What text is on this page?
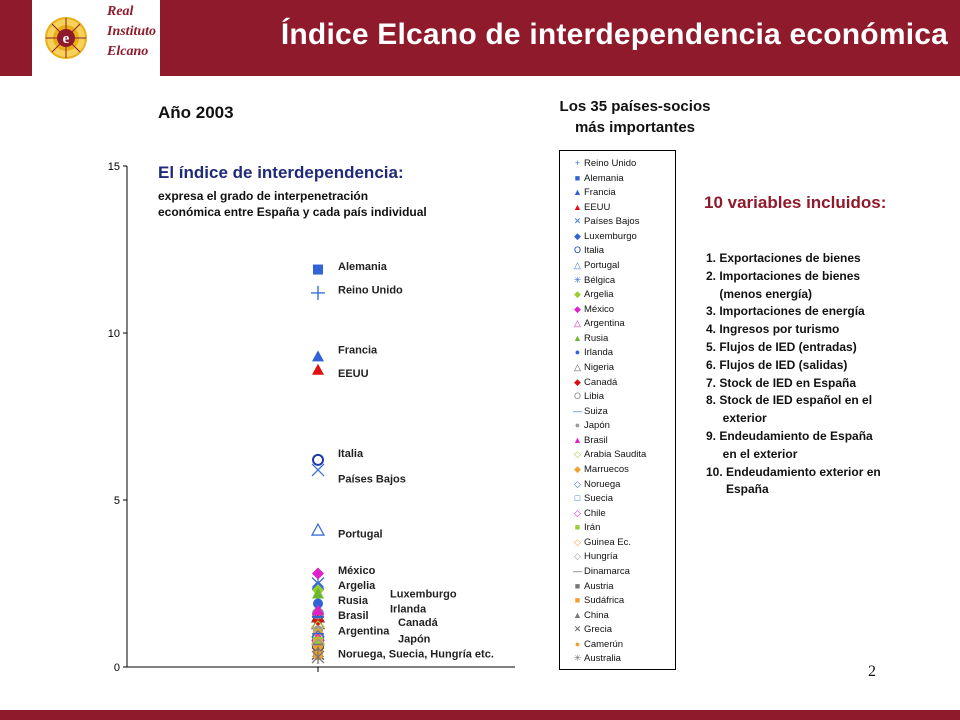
e
Real
Instituto
Elcano
Índice Elcano de interdependencia económica
Año 2003
El índice de interdependencia:
expresa el grado de interpenetración
económica entre España y cada país individual
Los 35 países-socios
más importantes
0
5
10
15
Alemania
Reino Unido
Francia
EEUU
Italia
Países Bajos
Portugal
México
Argelia
Rusia
Brasil
Argentina
Luxemburgo
Irlanda
Canadá
Japón
Noruega, Suecia, Hungría etc.
+ Reino Unido
■ Alemania
▲ Francia
▲ EEUU
✕ Países Bajos
◆ Luxemburgo
O Italia
△ Portugal
✳ Bélgica
◆ Argelia
◆ México
△ Argentina
▲ Rusia
● Irlanda
△ Nigeria
◆ Canadá
O Libia
— Suiza
● Japón
▲ Brasil
◇ Arabia Saudita
◆ Marruecos
◇ Noruega
□ Suecia
◇ Chile
■ Irán
◇ Guinea Ec.
◇ Hungría
— Dinamarca
■ Austria
■ Sudáfrica
▲ China
✕ Grecia
● Camerún
✳ Australia
10 variables incluidos:
1. Exportaciones de bienes
2. Importaciones de bienes
(menos energía)
3. Importaciones de energía
4. Ingresos por turismo
5. Flujos de IED (entradas)
6. Flujos de IED (salidas)
7. Stock de IED en España
8. Stock de IED español en el
exterior
9. Endeudamiento de España
en el exterior
10. Endeudamiento exterior en
España
2
